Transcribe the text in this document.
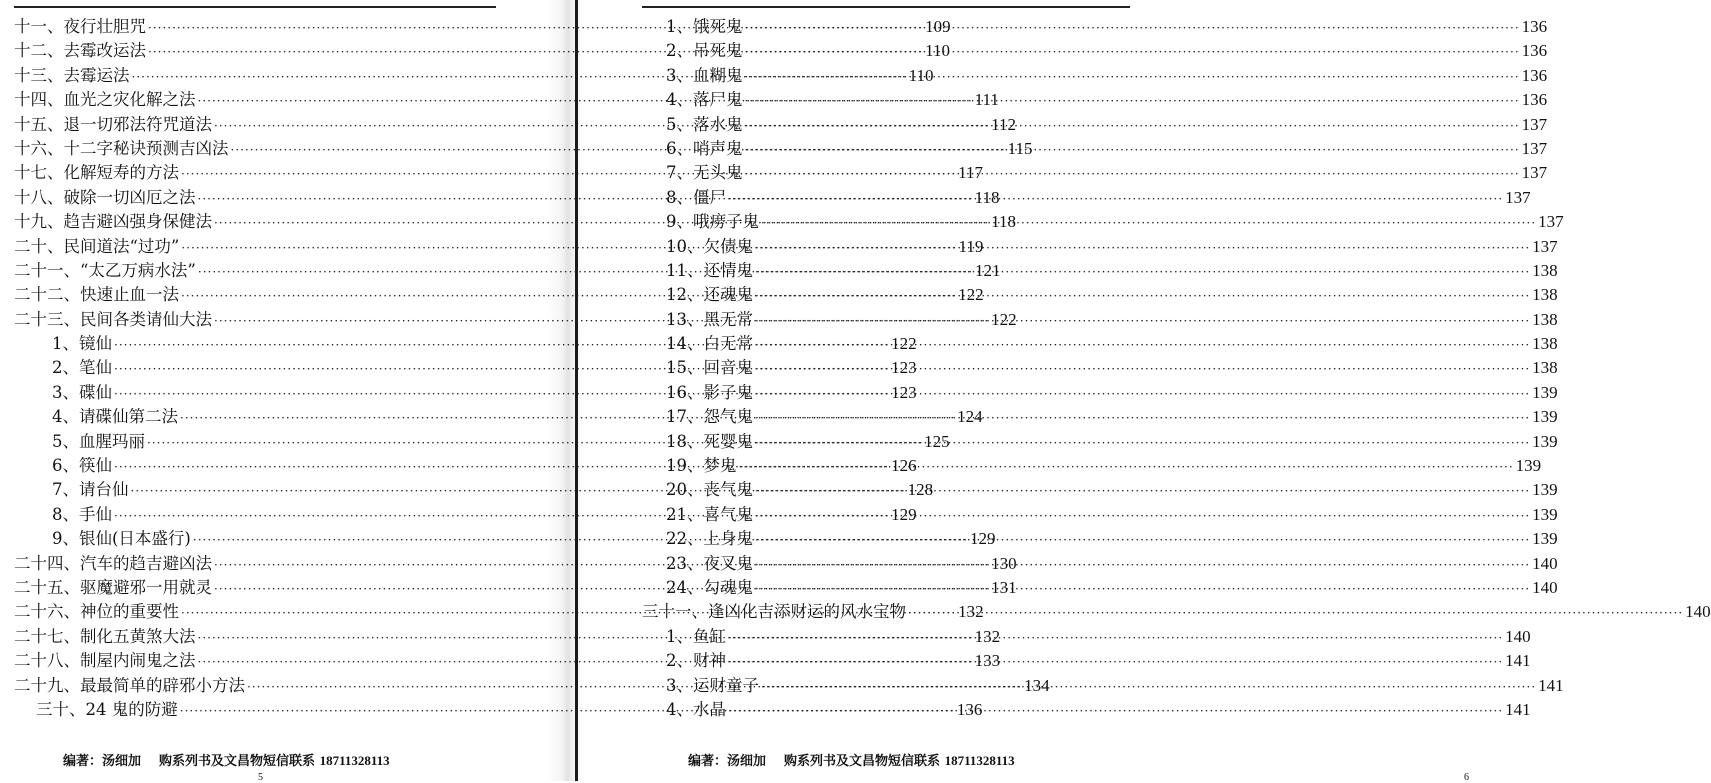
十一、夜行壮胆咒 ·····	109
十二、去霉改运法 ·····	110
十三、去霉运法 ·····	110
十四、血光之灾化解之法 ·····	111
十五、退一切邪法符咒道法 ·····	112
十六、十二字秘诀预测吉凶法 ·····	115
十七、化解短寿的方法 ·····	117
十八、破除一切凶厄之法 ·····	118
十九、趋吉避凶强身保健法 ·····	118
二十、民间道法“过功” ·····	119
二十一、“太乙万病水法” ·····	121
二十二、快速止血一法 ·····	122
二十三、民间各类请仙大法 ·····	122
1、镜仙 ·····	122
2、笔仙 ·····	123
3、碟仙 ·····	123
4、请碟仙第二法 ·····	124
5、血腥玛丽 ·····	125
6、筷仙 ·····	126
7、请台仙 ·····	128
8、手仙 ·····	129
9、银仙(日本盛行) ·····	129
二十四、汽车的趋吉避凶法 ·····	130
二十五、驱魔避邪一用就灵 ·····	131
二十六、神位的重要性 ·····	132
二十七、制化五黄煞大法 ·····	132
二十八、制屋内闹鬼之法 ·····	133
二十九、最最简单的辟邪小方法 ·····	134
三十、24 鬼的防避 ·····	136
编著：汤细加 购系列书及文昌物短信联系 18711328113
5
1、饿死鬼 ·····	136
2、吊死鬼 ·····	136
3、血糊鬼 ·····	136
4、落尸鬼 ·····	136
5、落水鬼 ·····	137
6、哨声鬼 ·····	137
7、无头鬼 ·····	137
8、僵尸 ·····	137
9、哦痨子鬼 ·····	137
10、欠债鬼 ·····	137
11、还情鬼 ·····	138
12、还魂鬼 ·····	138
13、黑无常 ·····	138
14、白无常 ·····	138
15、回音鬼 ·····	138
16、影子鬼 ·····	139
17、怨气鬼 ·····	139
18、死婴鬼 ·····	139
19、梦鬼 ·····	139
20、丧气鬼 ·····	139
21、喜气鬼 ·····	139
22、上身鬼 ·····	139
23、夜叉鬼 ·····	140
24、勾魂鬼 ·····	140
三十一、逢凶化吉添财运的风水宝物 ·····	140
1、鱼缸 ·····	140
2、财神 ·····	141
3、运财童子 ·····	141
4、水晶 ·····	141
编著：汤细加 购系列书及文昌物短信联系 18711328113
6
